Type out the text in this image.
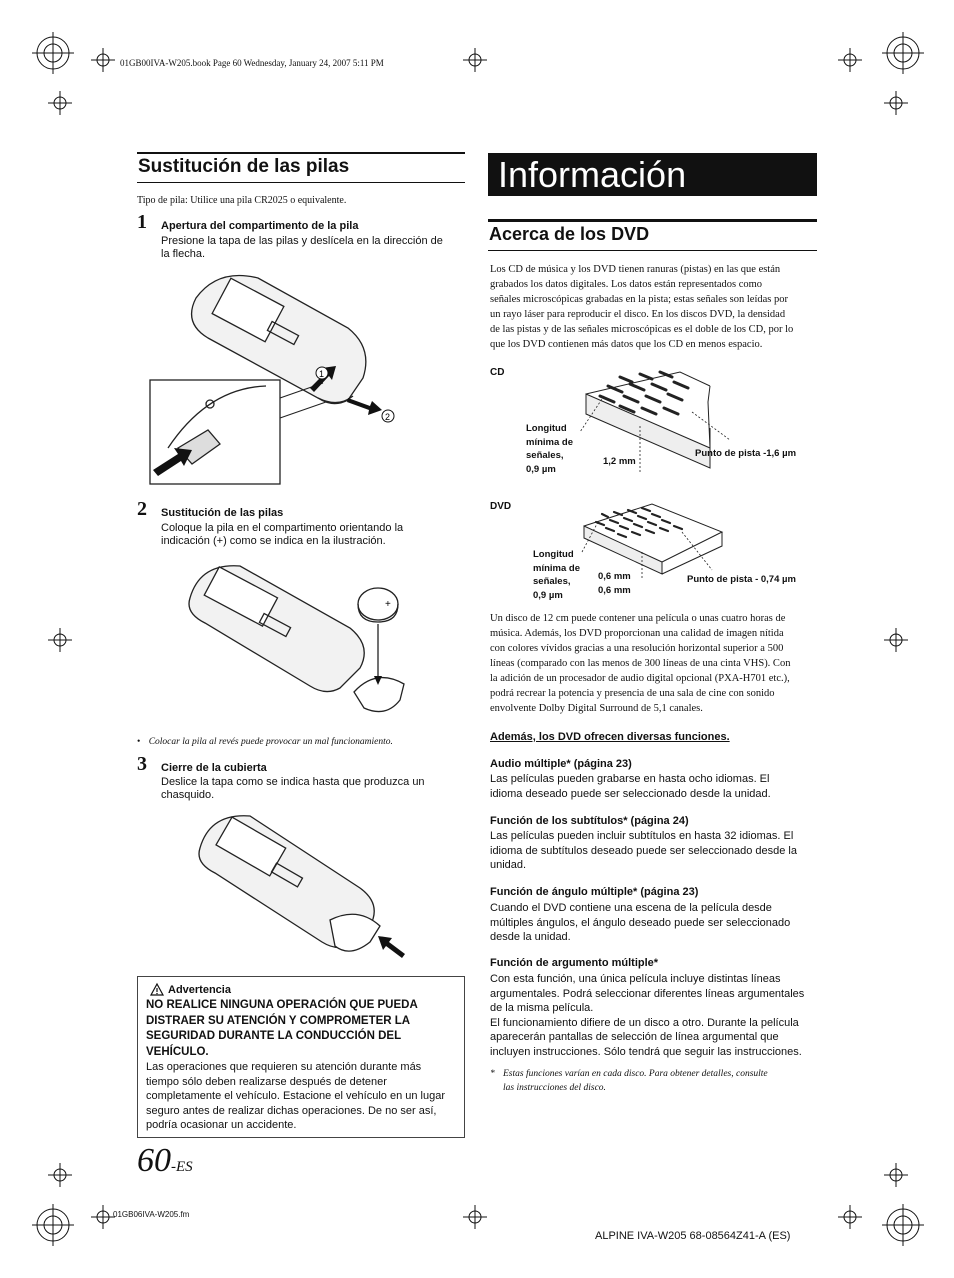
01GB00IVA-W205.book Page 60 Wednesday, January 24, 2007 5:11 PM
01GB06IVA-W205.fm
ALPINE IVA-W205 68-08564Z41-A (ES)
Sustitución de las pilas
Tipo de pila: Utilice una pila CR2025 o equivalente.
1 Apertura del compartimento de la pila
Presione la tapa de las pilas y deslícela en la dirección de
la flecha.
1
2
2 Sustitución de las pilas
Coloque la pila en el compartimento orientando la
indicación (+) como se indica en la ilustración.
+
• Colocar la pila al revés puede provocar un mal funcionamiento.
3 Cierre de la cubierta
Deslice la tapa como se indica hasta que produzca un
chasquido.
Advertencia
NO REALICE NINGUNA OPERACIÓN QUE PUEDA
DISTRAER SU ATENCIÓN Y COMPROMETER LA
SEGURIDAD DURANTE LA CONDUCCIÓN DEL
VEHÍCULO.
Las operaciones que requieren su atención durante más
tiempo sólo deben realizarse después de detener
completamente el vehículo. Estacione el vehículo en un lugar
seguro antes de realizar dichas operaciones. De no ser así,
podría ocasionar un accidente.
60-ES
Información
Acerca de los DVD
Los CD de música y los DVD tienen ranuras (pistas) en las que están
grabados los datos digitales. Los datos están representados como
señales microscópicas grabadas en la pista; estas señales son leídas por
un rayo láser para reproducir el disco. En los discos DVD, la densidad
de las pistas y de las señales microscópicas es el doble de los CD, por lo
que los DVD contienen más datos que los CD en menos espacio.
CD
Longitud
mínima de
señales,
0,9 µm
1,2 mm
Punto de pista -1,6 µm
DVD
Longitud
mínima de
señales,
0,9 µm
0,6 mm
0,6 mm
Punto de pista - 0,74 µm
Un disco de 12 cm puede contener una película o unas cuatro horas de
música. Además, los DVD proporcionan una calidad de imagen nítida
con colores vívidos gracias a una resolución horizontal superior a 500
líneas (comparado con las menos de 300 líneas de una cinta VHS). Con
la adición de un procesador de audio digital opcional (PXA-H701 etc.),
podrá recrear la potencia y presencia de una sala de cine con sonido
envolvente Dolby Digital Surround de 5,1 canales.
Además, los DVD ofrecen diversas funciones.
Audio múltiple* (página 23)
Las películas pueden grabarse en hasta ocho idiomas. El
idioma deseado puede ser seleccionado desde la unidad.
Función de los subtítulos* (página 24)
Las películas pueden incluir subtítulos en hasta 32 idiomas. El
idioma de subtítulos deseado puede ser seleccionado desde la
unidad.
Función de ángulo múltiple* (página 23)
Cuando el DVD contiene una escena de la película desde
múltiples ángulos, el ángulo deseado puede ser seleccionado
desde la unidad.
Función de argumento múltiple*
Con esta función, una única película incluye distintas líneas
argumentales. Podrá seleccionar diferentes líneas argumentales
de la misma película.
El funcionamiento difiere de un disco a otro. Durante la película
aparecerán pantallas de selección de línea argumental que
incluyen instrucciones. Sólo tendrá que seguir las instrucciones.
* Estas funciones varían en cada disco. Para obtener detalles, consulte
las instrucciones del disco.
